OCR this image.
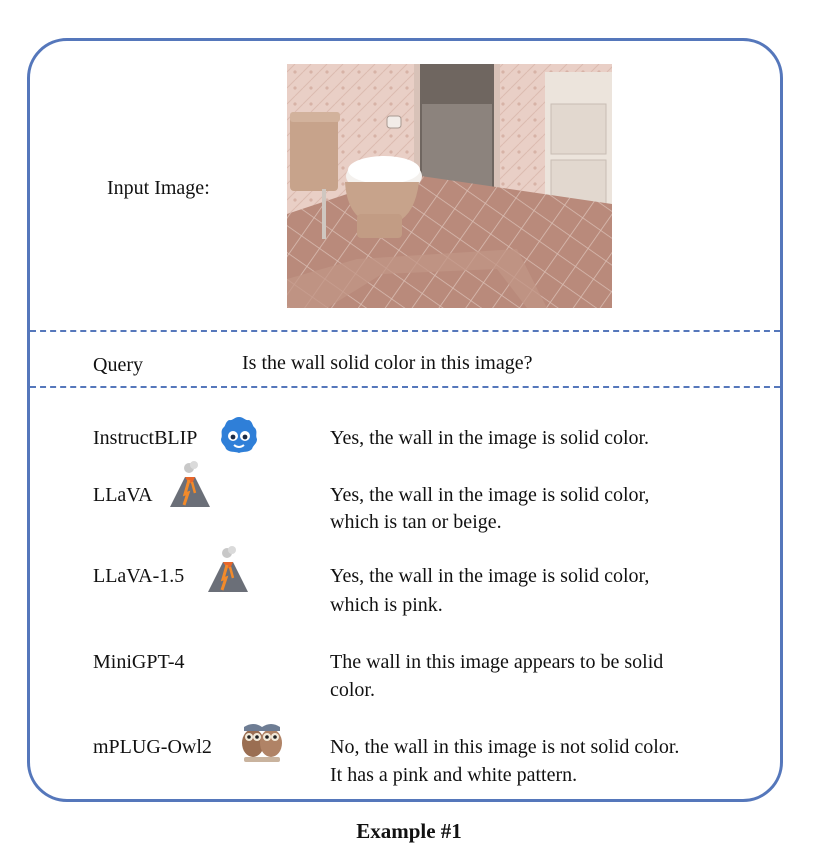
Input Image:
Query	Is the wall solid color in this image?
InstructBLIP	Yes, the wall in the image is solid color.
LLaVA	Yes, the wall in the image is solid color,
which is tan or beige.
LLaVA-1.5	Yes, the wall in the image is solid color,
which is pink.
MiniGPT-4	The wall in this image appears to be solid
color.
mPLUG-Owl2	No, the wall in this image is not solid color.
It has a pink and white pattern.
Example #1
